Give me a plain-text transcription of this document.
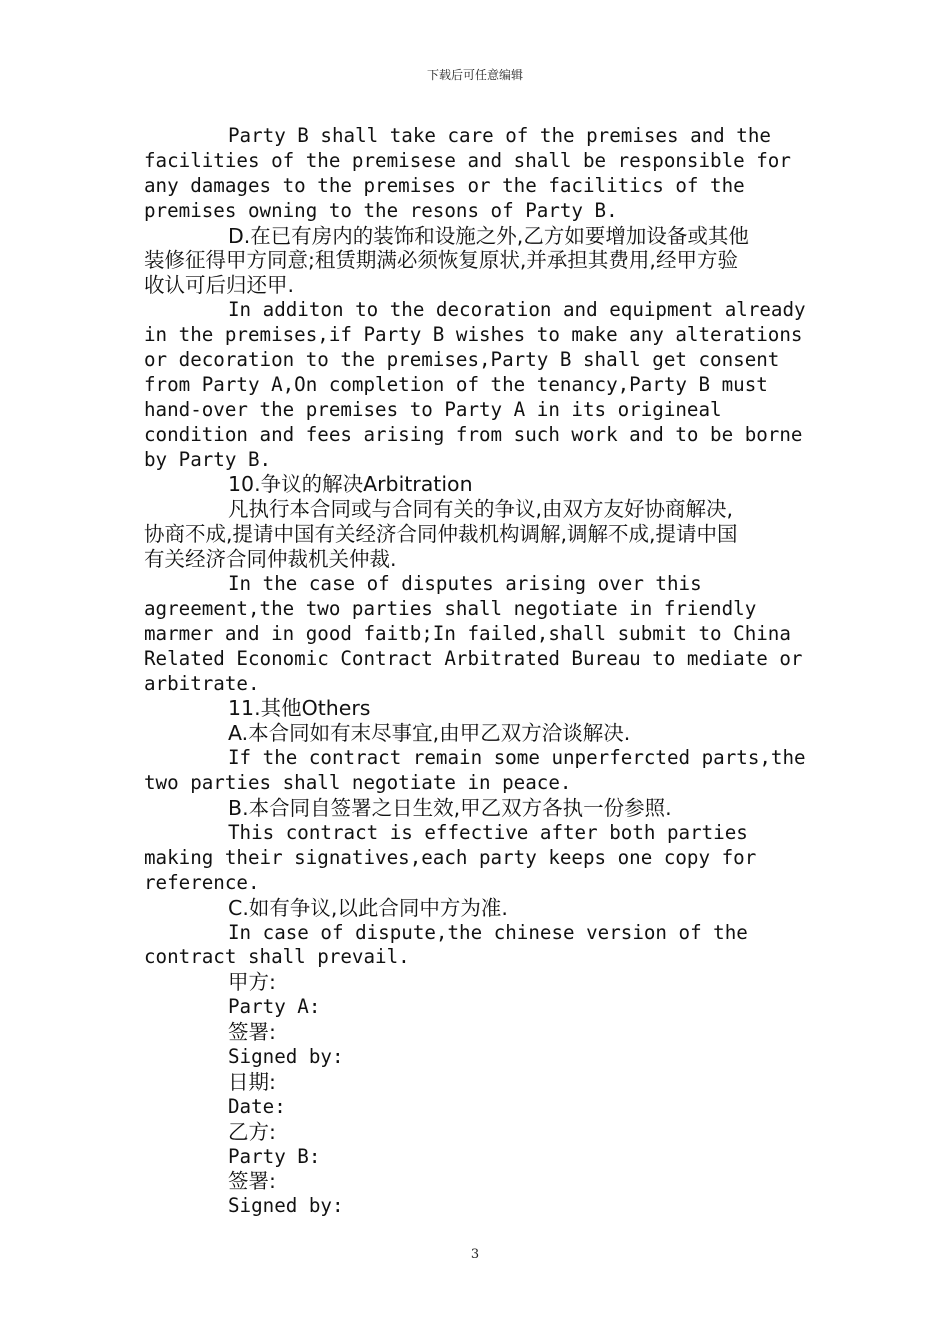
下载后可任意编辑
Party B shall take care of the premises and the
facilities of the premisese and shall be responsible for
any damages to the premises or the facilitics of the
premises owning to the resons of Party B.
D.在已有房内的装饰和设施之外,乙方如要增加设备或其他
装修征得甲方同意;租赁期满必须恢复原状,并承担其费用,经甲方验
收认可后归还甲.
In additon to the decoration and equipment already
in the premises,if Party B wishes to make any alterations
or decoration to the premises,Party B shall get consent
from Party A,On completion of the tenancy,Party B must
hand-over the premises to Party A in its origineal
condition and fees arising from such work and to be borne
by Party B.
10.争议的解决Arbitration
凡执行本合同或与合同有关的争议,由双方友好协商解决,
协商不成,提请中国有关经济合同仲裁机构调解,调解不成,提请中国
有关经济合同仲裁机关仲裁.
In the case of disputes arising over this
agreement,the two parties shall negotiate in friendly
marmer and in good faitb;In failed,shall submit to China
Related Economic Contract Arbitrated Bureau to mediate or
arbitrate.
11.其他Others
A.本合同如有末尽事宜,由甲乙双方洽谈解决.
If the contract remain some unperfercted parts,the
two parties shall negotiate in peace.
B.本合同自签署之日生效,甲乙双方各执一份参照.
This contract is effective after both parties
making their signatives,each party keeps one copy for
reference.
C.如有争议,以此合同中方为准.
In case of dispute,the chinese version of the
contract shall prevail.
甲方:
Party A:
签署:
Signed by:
日期:
Date:
乙方:
Party B:
签署:
Signed by:
3
